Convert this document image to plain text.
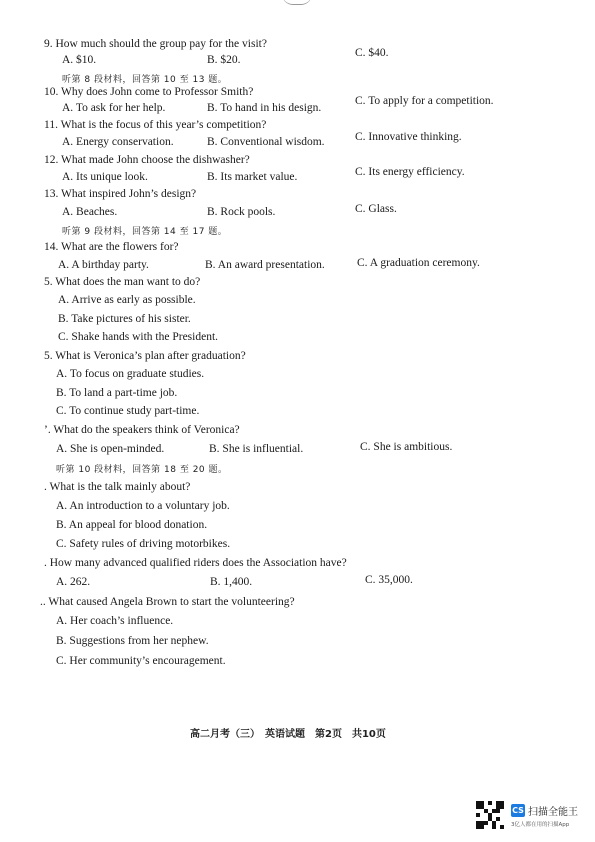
9. How much should the group pay for the visit?
A. $10.	B. $20.
C. $40.
听第 8 段材料，回答第 10 至 13 题。
10. Why does John come to Professor Smith?
A. To ask for her help.	B. To hand in his design.
C. To apply for a competition.
11. What is the focus of this year’s competition?
A. Energy conservation.	B. Conventional wisdom.	C. Innovative thinking.
12. What made John choose the dishwasher?
A. Its unique look.	B. Its market value.	C. Its energy efficiency.
13. What inspired John’s design?
A. Beaches.	B. Rock pools.	C. Glass.
听第 9 段材料，回答第 14 至 17 题。
14. What are the flowers for?
A. A birthday party.	B. An award presentation.	C. A graduation ceremony.
5. What does the man want to do?
A. Arrive as early as possible.
B. Take pictures of his sister.
C. Shake hands with the President.
5. What is Veronica’s plan after graduation?
A. To focus on graduate studies.
B. To land a part-time job.
C. To continue study part-time.
’. What do the speakers think of Veronica?
A. She is open-minded.	B. She is influential.	C. She is ambitious.
听第 10 段材料，回答第 18 至 20 题。
. What is the talk mainly about?
A. An introduction to a voluntary job.
B. An appeal for blood donation.
C. Safety rules of driving motorbikes.
. How many advanced qualified riders does the Association have?
A. 262.	B. 1,400.	C. 35,000.
.. What caused Angela Brown to start the volunteering?
A. Her coach’s influence.
B. Suggestions from her nephew.
C. Her community’s encouragement.
高二月考（三）　英语试题　第2页　共10页
CS 扫描全能王
3亿人都在用的扫描App
